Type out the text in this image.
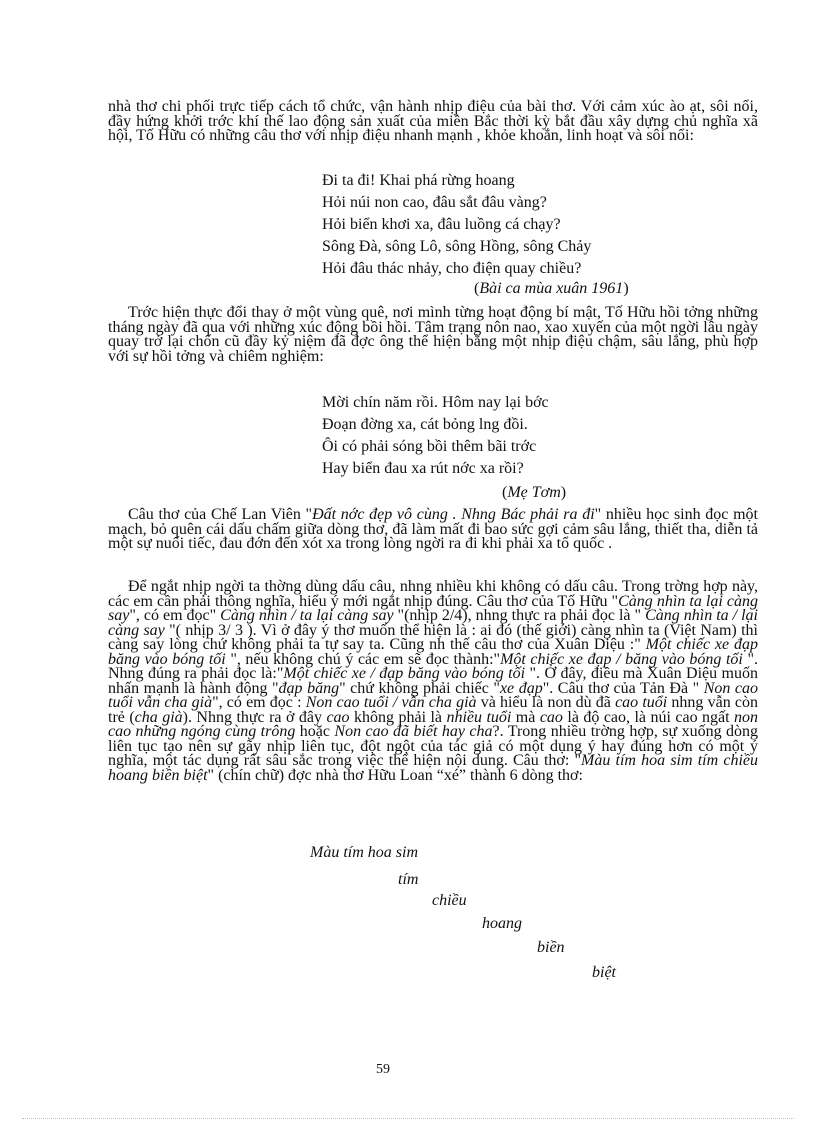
nhà thơ chi phối trực tiếp cách tổ chức, vận hành nhịp điệu của bài thơ. Với cảm xúc ào ạt, sôi nổi, đầy hứng khởi trớc khí thế lao động sản xuất của miền Bắc thời kỳ bắt đầu xây dựng chủ nghĩa xã hội, Tố Hữu có những câu thơ với nhịp điệu nhanh mạnh , khỏe khoắn, linh hoạt và sôi nổi:

Đi ta đi! Khai phá rừng hoang
Hỏi núi non cao, đâu sắt đâu vàng?
Hỏi biển khơi xa, đâu luồng cá chạy?
Sông Đà, sông Lô, sông Hồng, sông Chảy
Hỏi đâu thác nhảy, cho điện quay chiều?
(Bài ca mùa xuân 1961)

Trớc hiện thực đổi thay ở một vùng quê, nơi mình từng hoạt động bí mật, Tố Hữu hồi tởng những tháng ngày đã qua với những xúc động bồi hồi. Tâm trạng nôn nao, xao xuyến của một ngời lâu ngày quay trở lại chốn cũ đầy kỷ niệm đã đợc ông thể hiện bằng một nhịp điệu chậm, sâu lắng, phù hợp với sự hồi tởng và chiêm nghiệm:

Mời chín năm rồi. Hôm nay lại bớc
Đoạn đờng xa, cát bỏng lng đồi.
Ôi có phải sóng bồi thêm bãi trớc
Hay biển đau xa rút nớc xa rồi?
(Mẹ Tơm)

Câu thơ của Chế Lan Viên "Đất nớc đẹp vô cùng . Nhng Bác phải ra đi" nhiều học sinh đọc một mạch, bỏ quên cái dấu chấm giữa dòng thơ, đã làm mất đi bao sức gợi cảm sâu lắng, thiết tha, diễn tả một sự nuối tiếc, đau đớn đến xót xa trong lòng ngời ra đi khi phải xa tổ quốc .

Để ngắt nhịp ngời ta thờng dùng dấu câu, nhng nhiều khi không có dấu câu. Trong trờng hợp này, các em cần phải thông nghĩa, hiểu ý mới ngắt nhịp đúng. Câu thơ của Tố Hữu "Càng nhìn ta lại càng say", có em đọc" Càng nhìn / ta lại càng say "(nhịp 2/4), nhng thực ra phải đọc là " Càng nhìn ta / lại càng say "( nhịp 3/ 3 ). Vì ở đây ý thơ muốn thể hiện là : ai đó (thế giới) càng nhìn ta (Việt Nam) thì càng say lòng chứ không phải ta tự say ta. Cũng nh thế câu thơ của Xuân Diệu :" Một chiếc xe đạp băng vào bóng tối ", nếu không chú ý các em sẽ đọc thành:"Một chiếc xe đạp / băng vào bóng tối ". Nhng đúng ra phải đọc là:"Một chiếc xe / đạp băng vào bóng tối ". Ở đây, điều mà Xuân Diệu muốn nhấn mạnh là hành động "đạp băng" chứ không phải chiếc "xe đạp". Câu thơ của Tản Đà " Non cao tuổi vẫn cha già", có em đọc : Non cao tuổi / vẫn cha già và hiểu là non dù đã cao tuổi nhng vẫn còn trẻ (cha già). Nhng thực ra ở đây cao không phải là nhiều tuổi mà cao là độ cao, là núi cao ngất non cao những ngóng cùng trông hoặc Non cao đã biết hay cha?. Trong nhiều trờng hợp, sự xuống dòng liên tục tạo nên sự gãy nhịp liên tục, đột ngột của tác giả có một dụng ý hay đúng hơn có một ý nghĩa, một tác dụng rất sâu sắc trong việc thể hiện nội dung. Câu thơ: "Màu tím hoa sim tím chiều hoang biền biệt" (chín chữ) đợc nhà thơ Hữu Loan “xé” thành 6 dòng thơ:

Màu tím hoa sim
tím
chiều
hoang
biền
biệt
59
